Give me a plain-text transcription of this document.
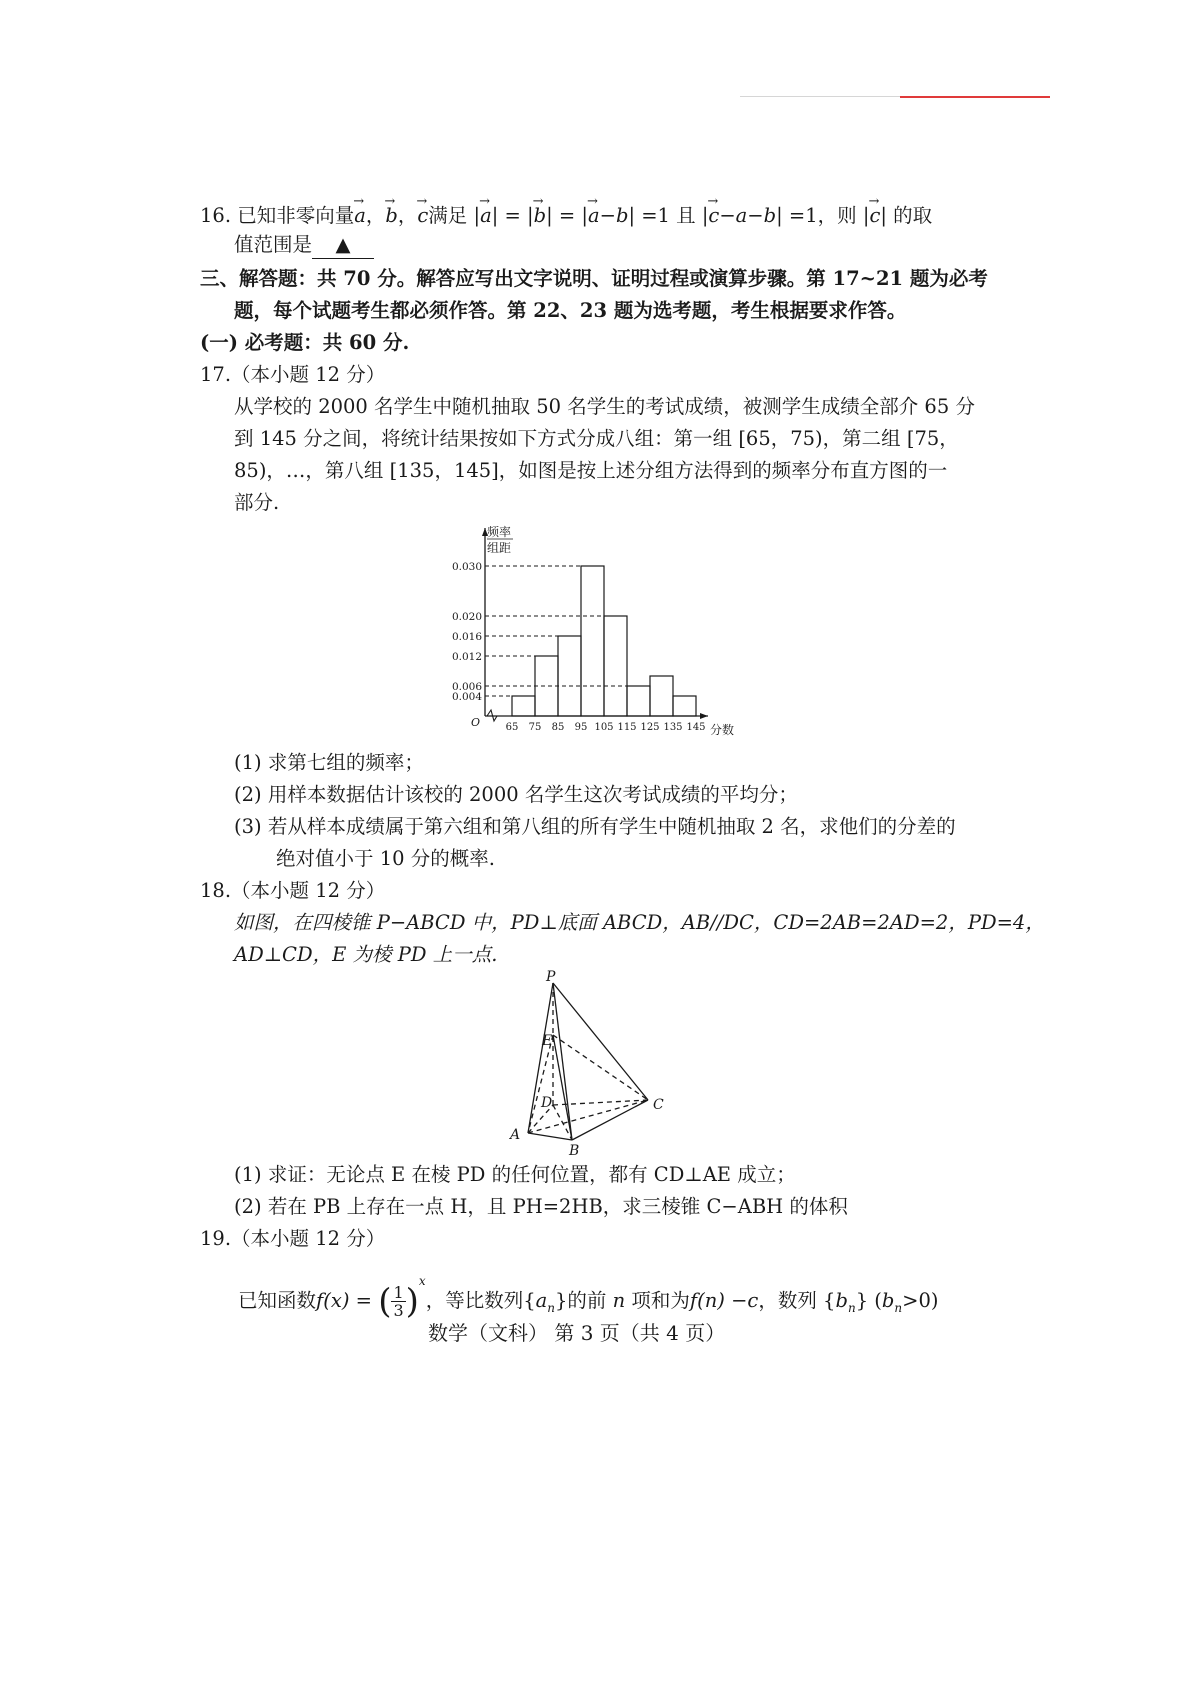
16. 已知非零向量→ a，→ b，→ c满足 |→ a| = |→ b| = |→ a−b| =1 且 |→ c−a−b| =1，则 |→ c| 的取
值范围是 ▲
三、解答题：共 70 分。解答应写出文字说明、证明过程或演算步骤。第 17~21 题为必考
题，每个试题考生都必须作答。第 22、23 题为选考题，考生根据要求作答。
(一) 必考题：共 60 分.
17.（本小题 12 分）
从学校的 2000 名学生中随机抽取 50 名学生的考试成绩，被测学生成绩全部介 65 分
到 145 分之间，将统计结果按如下方式分成八组：第一组 [65，75)，第二组 [75，
85)，…，第八组 [135，145]，如图是按上述分组方法得到的频率分布直方图的一
部分.
频率
组距
O
分数
0.004
0.006
0.012
0.016
0.020
0.030
65 75 85 95 105 115 125 135 145
(1) 求第七组的频率；
(2) 用样本数据估计该校的 2000 名学生这次考试成绩的平均分；
(3) 若从样本成绩属于第六组和第八组的所有学生中随机抽取 2 名，求他们的分差的
绝对值小于 10 分的概率.
18.（本小题 12 分）
如图，在四棱锥 P−ABCD 中，PD⊥底面 ABCD，AB//DC，CD=2AB=2AD=2，PD=4，
AD⊥CD，E 为棱 PD 上一点.
P
E
D	C
A
B
(1) 求证：无论点 E 在棱 PD 的任何位置，都有 CD⊥AE 成立；
(2) 若在 PB 上存在一点 H，且 PH=2HB，求三棱锥 C−ABH 的体积
19.（本小题 12 分）
已知函数f(x) = ( $\frac{1}{3} )^x$，等比数列$\{a_n\}$的前 n 项和为f(n) −c，数列 $\{b_n\}$ $(b_n>0)$
数学（文科） 第 3 页（共 4 页）
